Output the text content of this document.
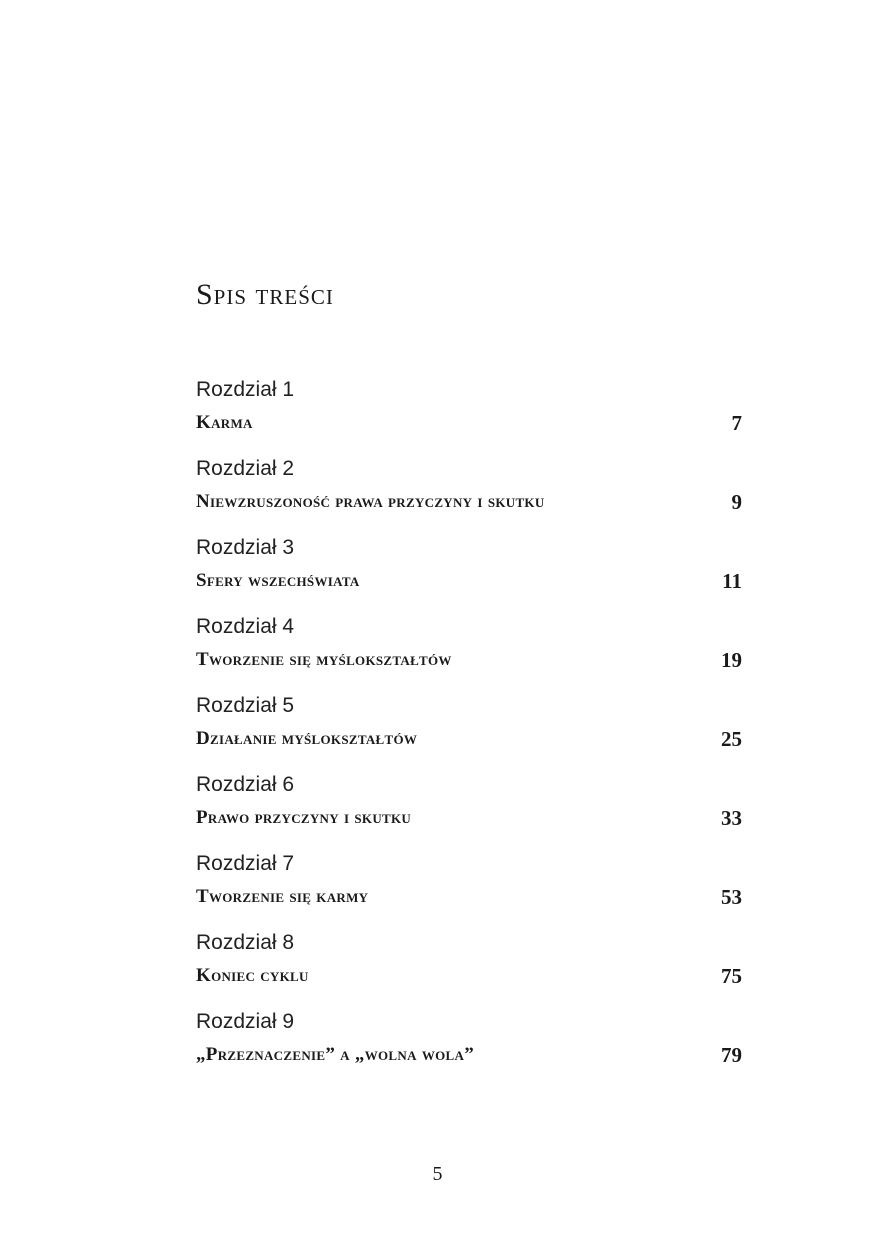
Spis treści
Rozdział 1
Karma	7
Rozdział 2
Niewzruszoność prawa przyczyny i skutku	9
Rozdział 3
Sfery wszechświata	11
Rozdział 4
Tworzenie się myślokształtów	19
Rozdział 5
Działanie myślokształtów	25
Rozdział 6
Prawo przyczyny i skutku	33
Rozdział 7
Tworzenie się karmy	53
Rozdział 8
Koniec cyklu	75
Rozdział 9
„Przeznaczenie” a „wolna wola”	79
5
